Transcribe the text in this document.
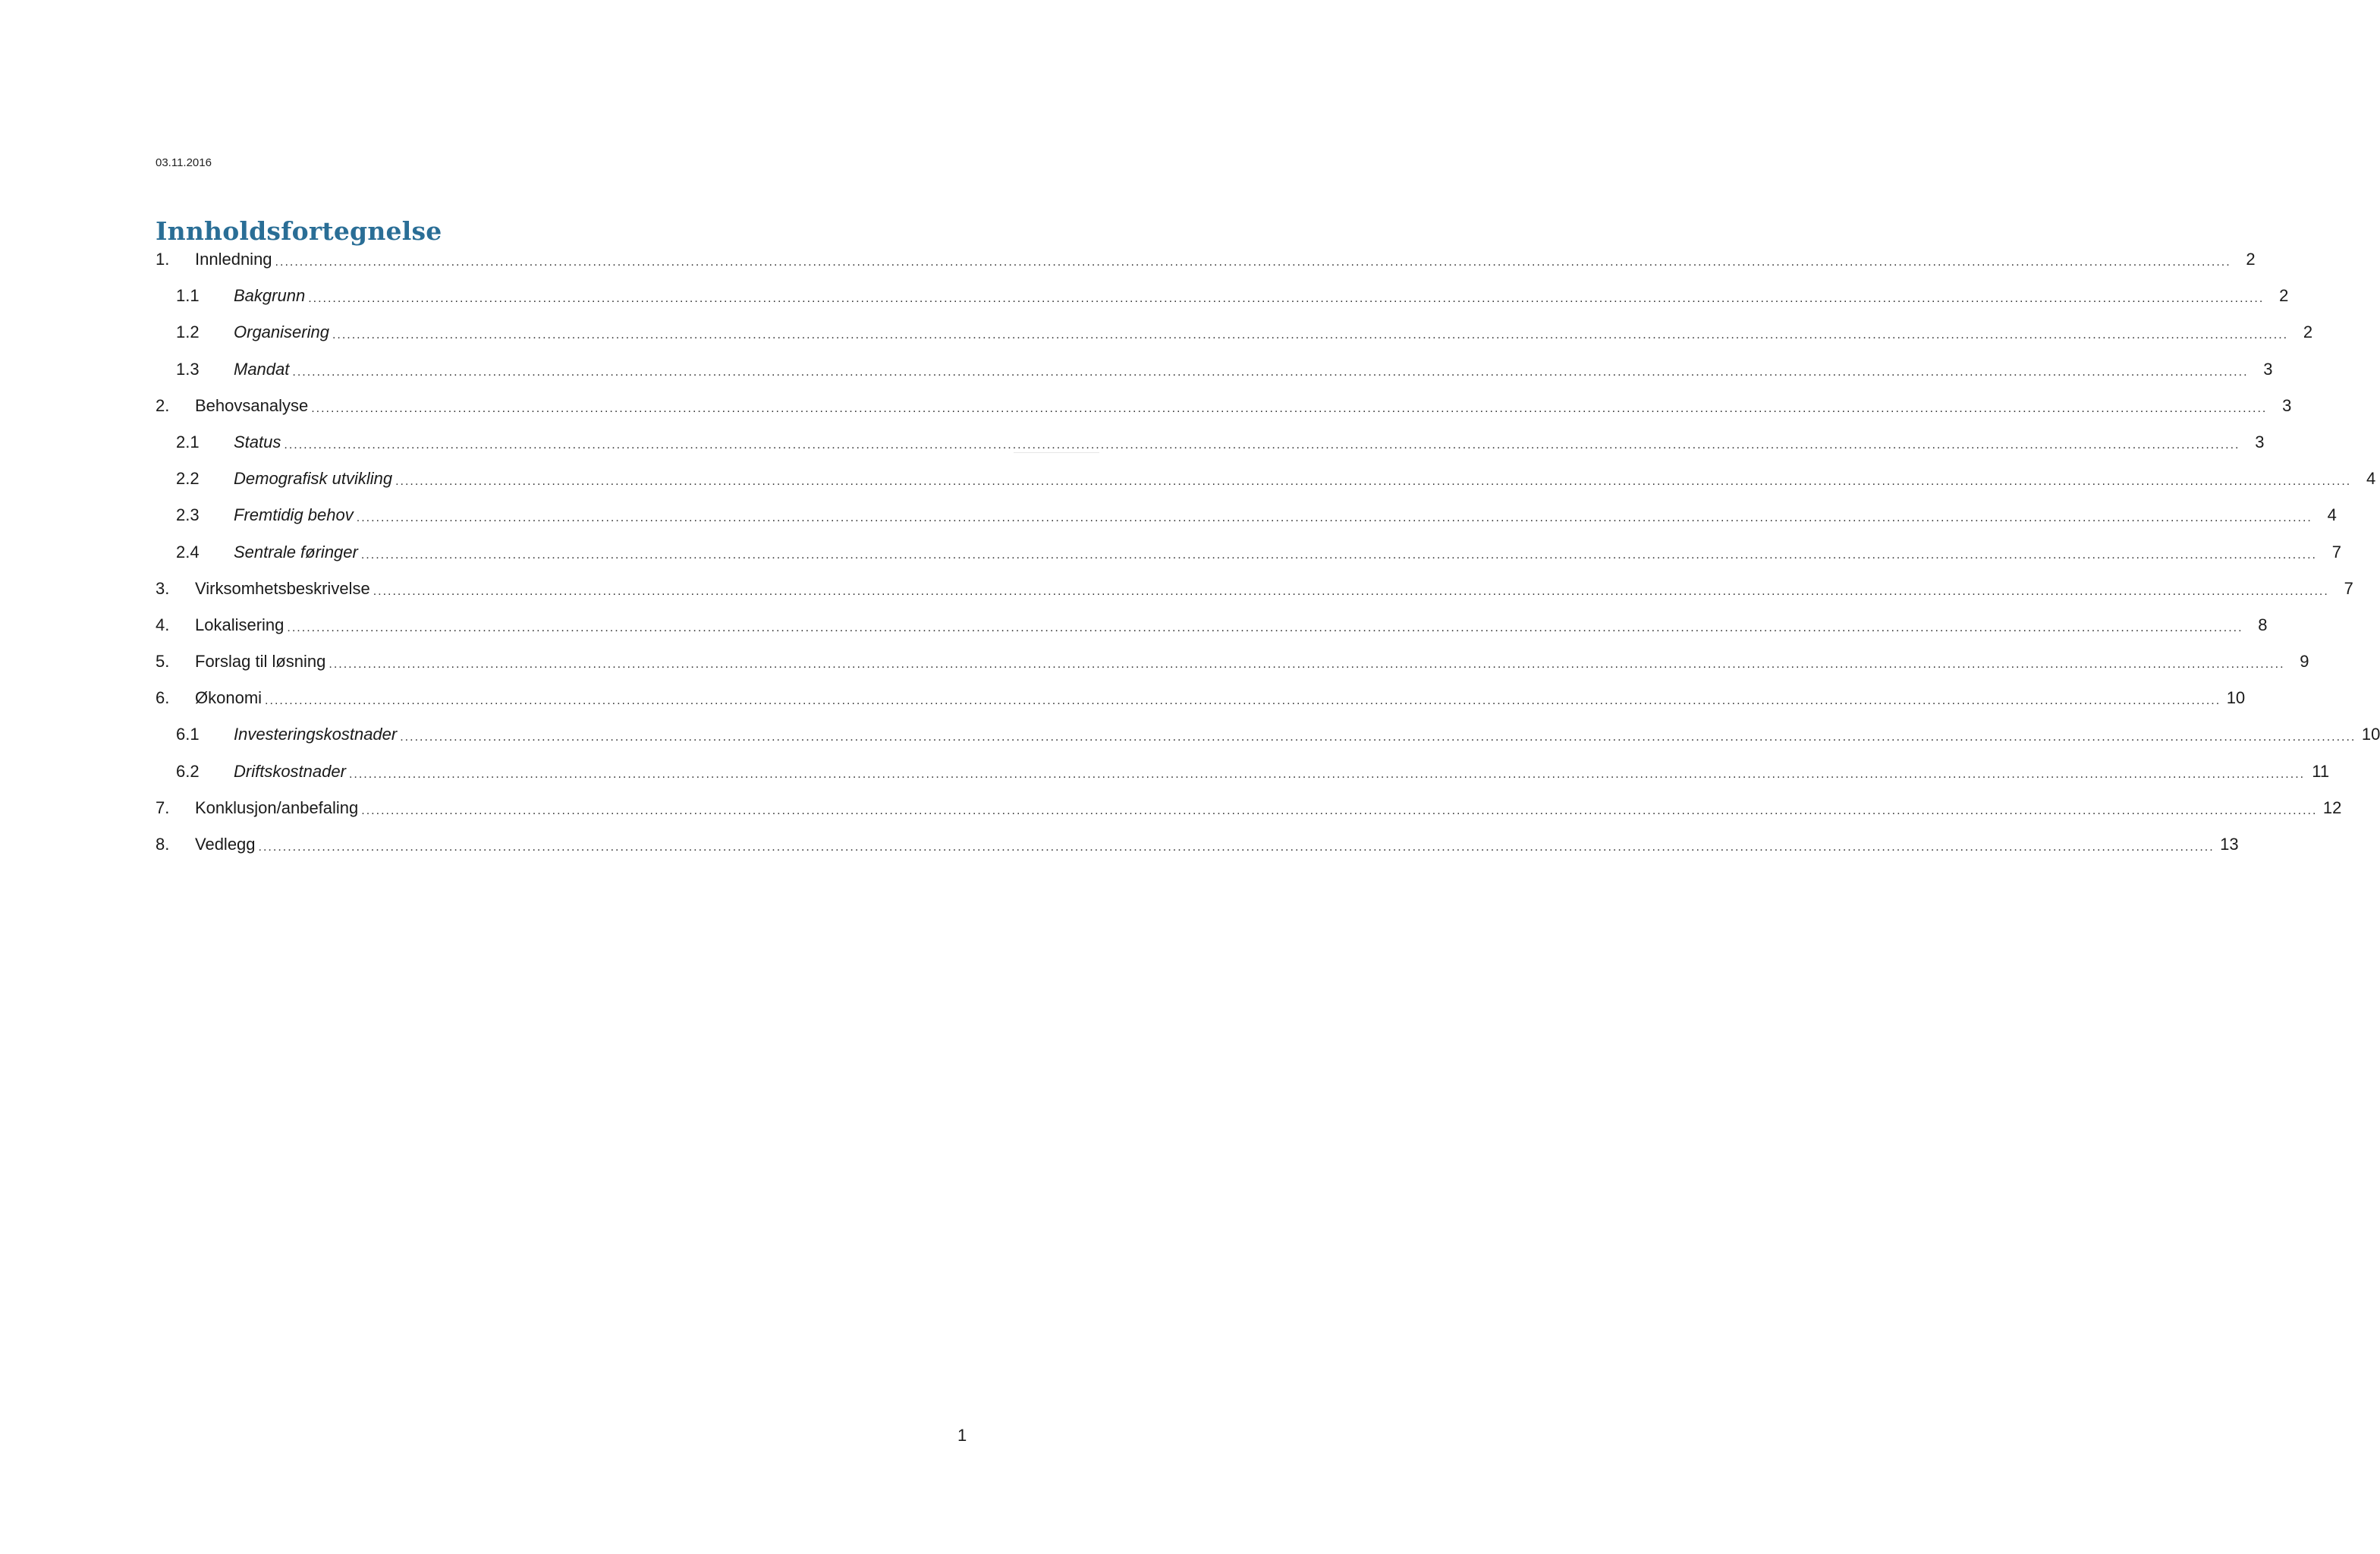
03.11.2016
Innholdsfortegnelse
1.	Innledning ................................................................................................................................................................................................................................................................................................................................................................................................................ 2
1.1	Bakgrunn ................................................................................................................................................................................................................................................................................................................................................................................................................ 2
1.2	Organisering ................................................................................................................................................................................................................................................................................................................................................................................................................ 2
1.3	Mandat ................................................................................................................................................................................................................................................................................................................................................................................................................ 3
2.	Behovsanalyse ................................................................................................................................................................................................................................................................................................................................................................................................................ 3
2.1	Status ................................................................................................................................................................................................................................................................................................................................................................................................................ 3
2.2	Demografisk utvikling ................................................................................................................................................................................................................................................................................................................................................................................................................ 4
2.3	Fremtidig behov ................................................................................................................................................................................................................................................................................................................................................................................................................ 4
2.4	Sentrale føringer ................................................................................................................................................................................................................................................................................................................................................................................................................ 7
3.	Virksomhetsbeskrivelse ................................................................................................................................................................................................................................................................................................................................................................................................................ 7
4.	Lokalisering ................................................................................................................................................................................................................................................................................................................................................................................................................ 8
5.	Forslag til løsning ................................................................................................................................................................................................................................................................................................................................................................................................................ 9
6.	Økonomi ................................................................................................................................................................................................................................................................................................................................................................................................................ 10
6.1	Investeringskostnader ................................................................................................................................................................................................................................................................................................................................................................................................................ 10
6.2	Driftskostnader ................................................................................................................................................................................................................................................................................................................................................................................................................ 11
7.	Konklusjon/anbefaling ................................................................................................................................................................................................................................................................................................................................................................................................................ 12
8.	Vedlegg ................................................................................................................................................................................................................................................................................................................................................................................................................ 13
1
